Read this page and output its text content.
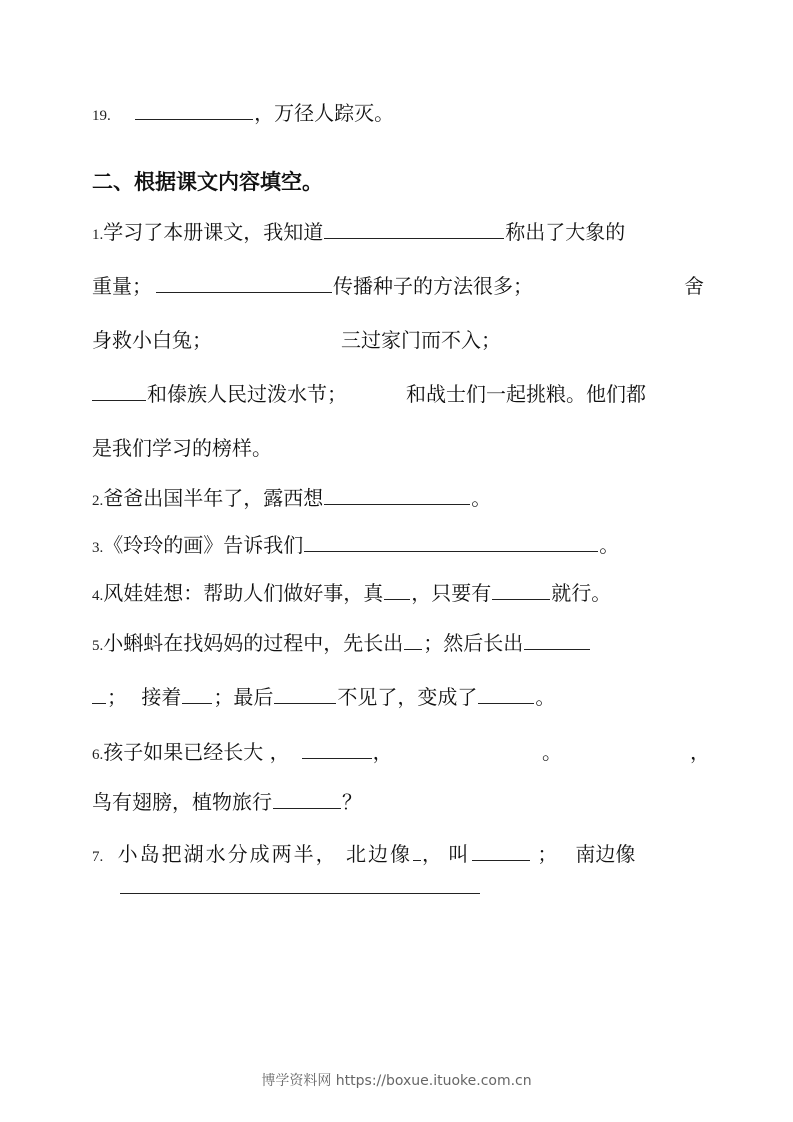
19.	，万径人踪灭。
二、根据课文内容填空。
1.学习了本册课文，我知道	称出了大象的
重量；	传播种子的方法很多；	舍
身救小白兔；	三过家门而不入；
和傣族人民过泼水节；	和战士们一起挑粮。他们都
是我们学习的榜样。
2.爸爸出国半年了，露西想	。
3.《玲玲的画》告诉我们	。
4.风娃娃想：帮助人们做好事，真 ，只要有	就行。
5.小蝌蚪在找妈妈的过程中，先长出 ；然后长出
； 接着 ；最后	不见了，变成了	。
6.孩子如果已经长大 ，	，	。	，
鸟有翅膀，植物旅行	？
7. 小岛把湖水分成两半， 北边像 ， 叫	； 南边像
博学资料网 https://boxue.ituoke.com.cn
